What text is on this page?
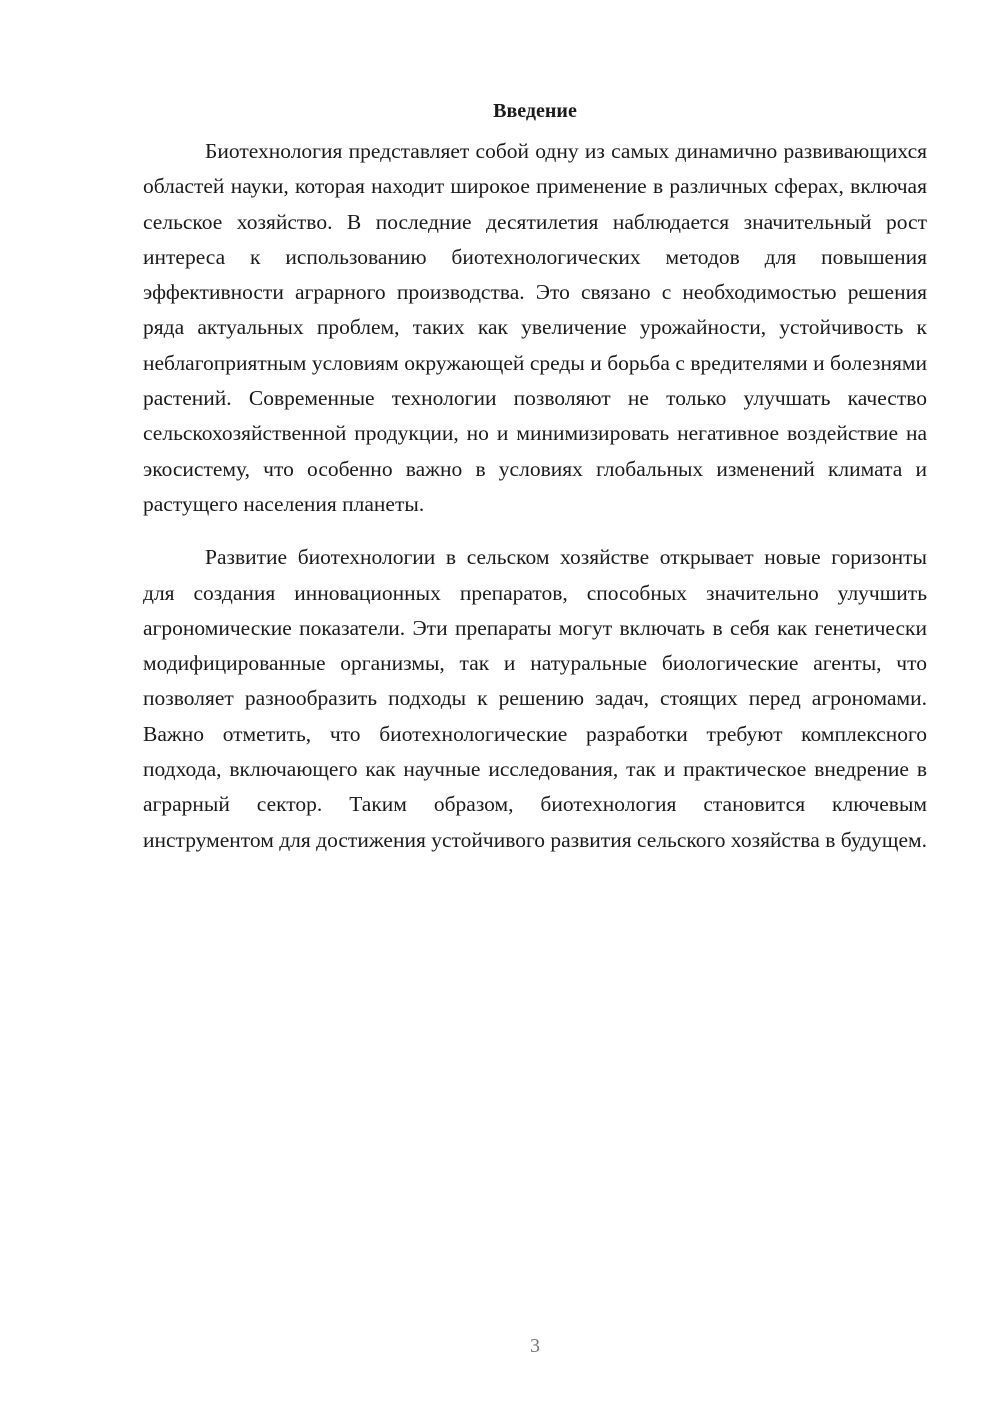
Введение

Биотехнология представляет собой одну из самых динамично развивающихся областей науки, которая находит широкое применение в различных сферах, включая сельское хозяйство. В последние десятилетия наблюдается значительный рост интереса к использованию биотехнологических методов для повышения эффективности аграрного производства. Это связано с необходимостью решения ряда актуальных проблем, таких как увеличение урожайности, устойчивость к неблагоприятным условиям окружающей среды и борьба с вредителями и болезнями растений. Современные технологии позволяют не только улучшать качество сельскохозяйственной продукции, но и минимизировать негативное воздействие на экосистему, что особенно важно в условиях глобальных изменений климата и растущего населения планеты.

Развитие биотехнологии в сельском хозяйстве открывает новые горизонты для создания инновационных препаратов, способных значительно улучшить агрономические показатели. Эти препараты могут включать в себя как генетически модифицированные организмы, так и натуральные биологические агенты, что позволяет разнообразить подходы к решению задач, стоящих перед агрономами. Важно отметить, что биотехнологические разработки требуют комплексного подхода, включающего как научные исследования, так и практическое внедрение в аграрный сектор. Таким образом, биотехнология становится ключевым инструментом для достижения устойчивого развития сельского хозяйства в будущем.

3
